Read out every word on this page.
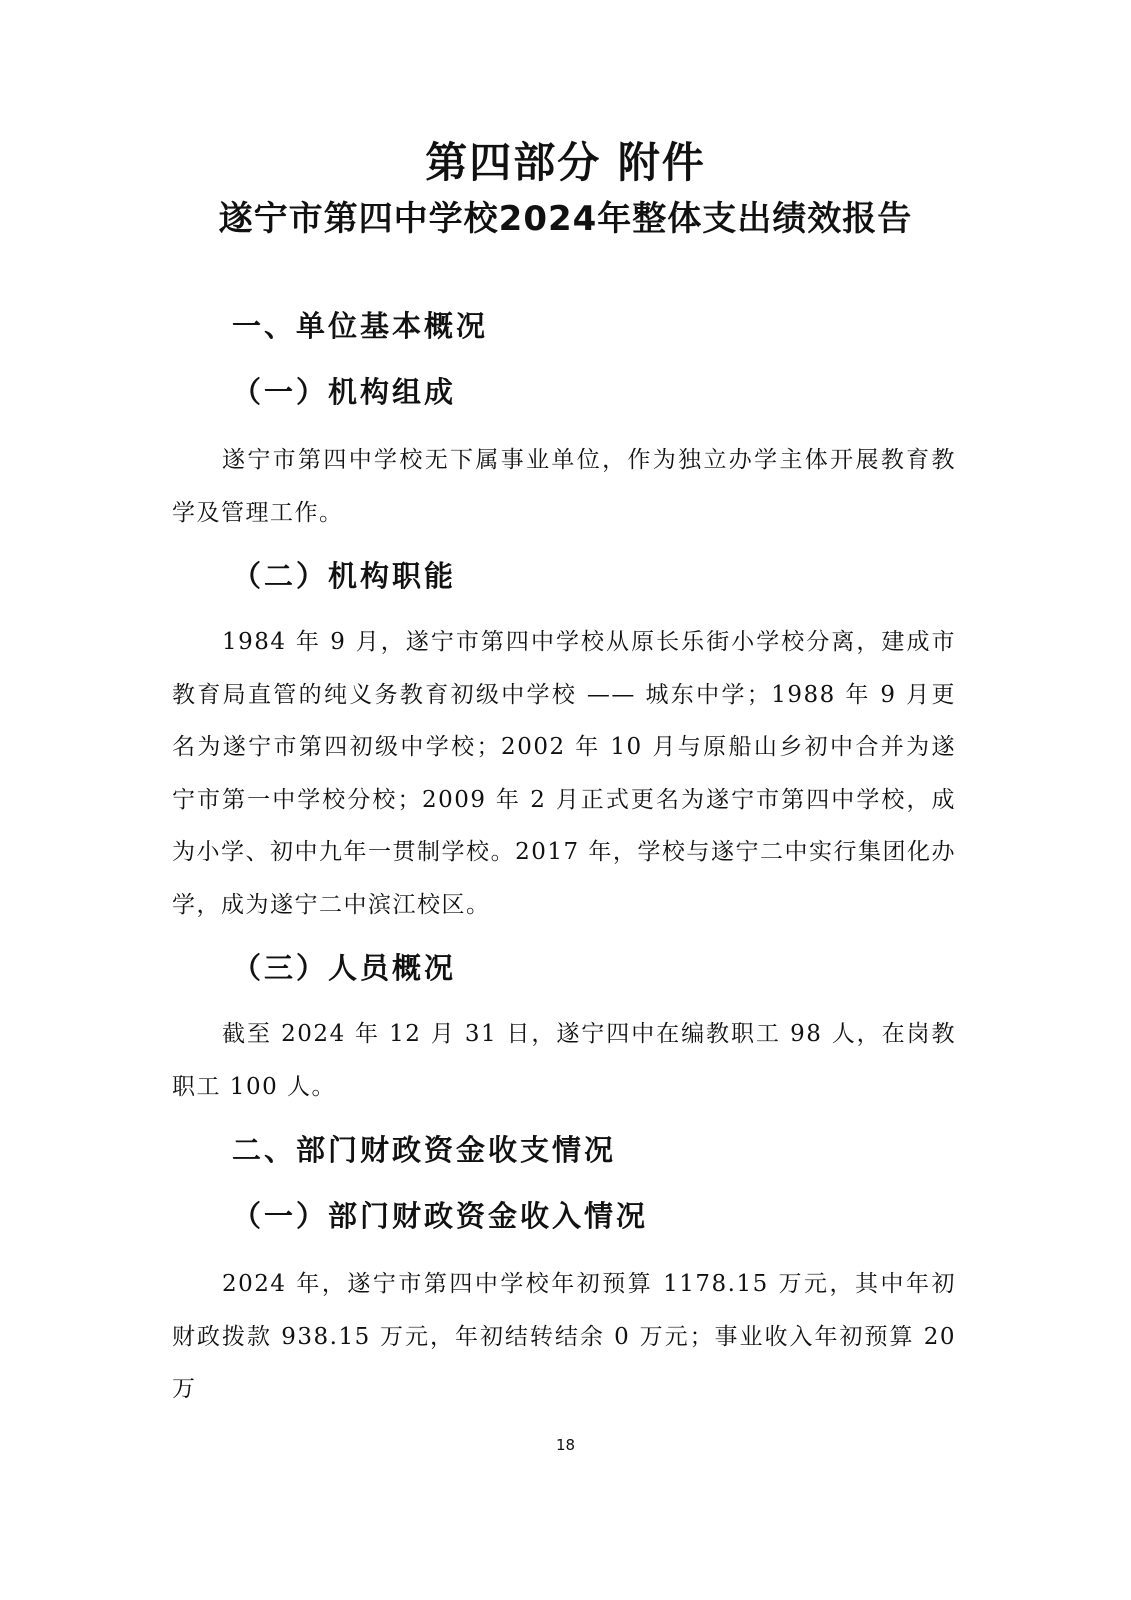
第四部分 附件
遂宁市第四中学校2024年整体支出绩效报告
一、单位基本概况
（一）机构组成

遂宁市第四中学校无下属事业单位，作为独立办学主体开展教育教学及管理工作。

（二）机构职能

1984 年 9 月，遂宁市第四中学校从原长乐街小学校分离，建成市教育局直管的纯义务教育初级中学校 —— 城东中学；1988 年 9 月更名为遂宁市第四初级中学校；2002 年 10 月与原船山乡初中合并为遂宁市第一中学校分校；2009 年 2 月正式更名为遂宁市第四中学校，成为小学、初中九年一贯制学校。2017 年，学校与遂宁二中实行集团化办学，成为遂宁二中滨江校区。

（三）人员概况

截至 2024 年 12 月 31 日，遂宁四中在编教职工 98 人，在岗教职工 100 人。

二、部门财政资金收支情况
（一）部门财政资金收入情况

2024 年，遂宁市第四中学校年初预算 1178.15 万元，其中年初财政拨款 938.15 万元，年初结转结余 0 万元；事业收入年初预算 20 万

18
